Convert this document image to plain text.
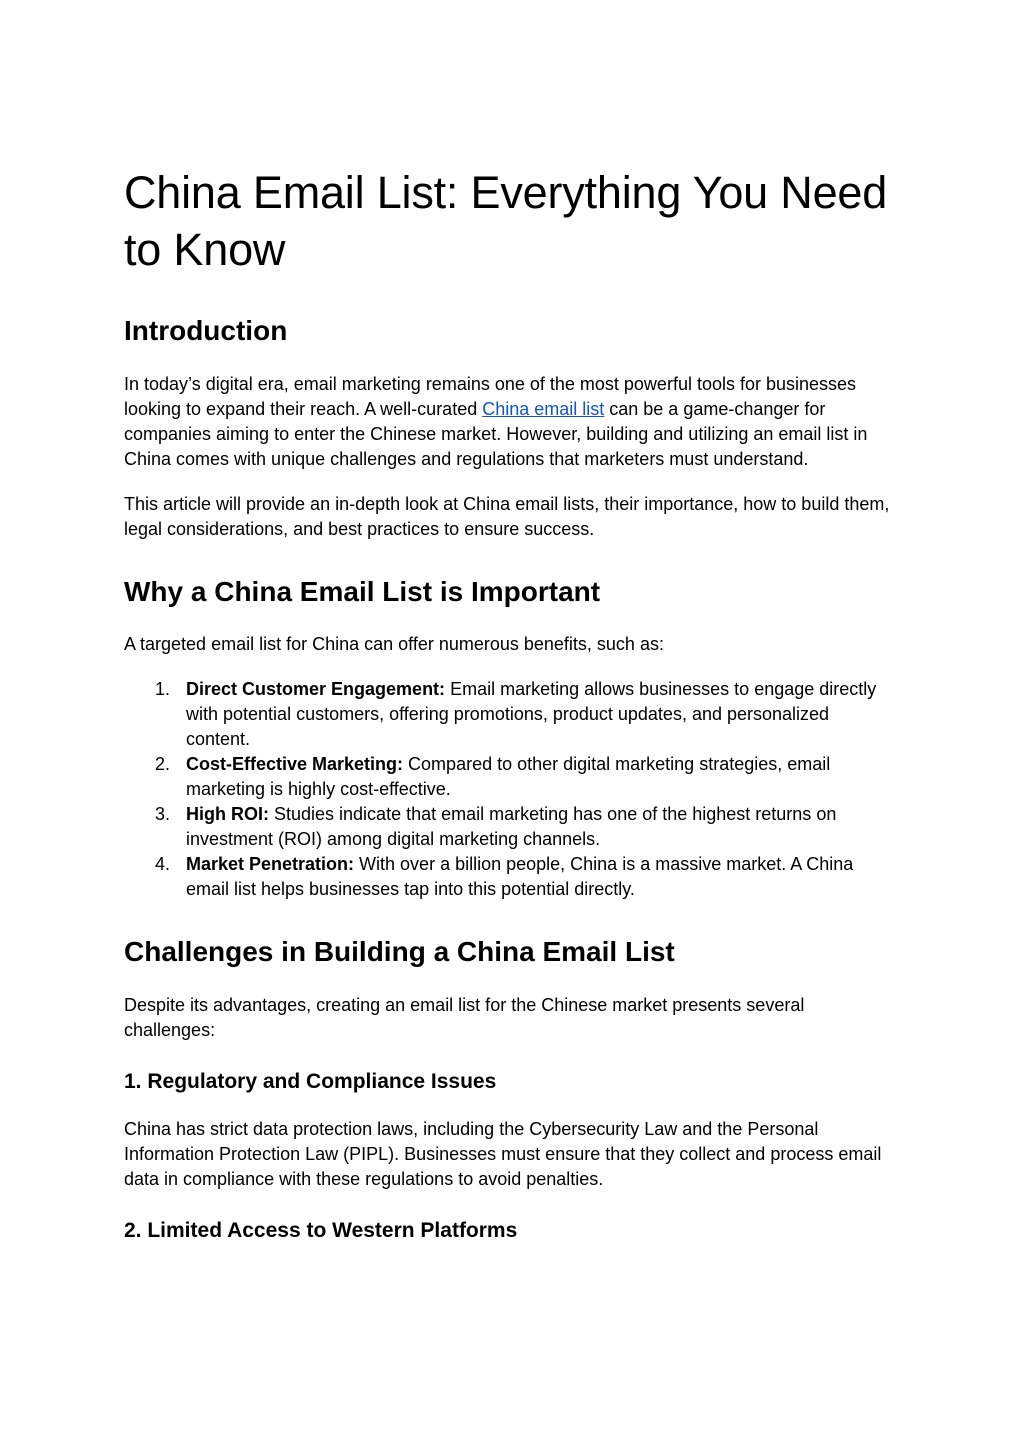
China Email List: Everything You Need to Know
Introduction

In today’s digital era, email marketing remains one of the most powerful tools for businesses looking to expand their reach. A well-curated China email list can be a game-changer for companies aiming to enter the Chinese market. However, building and utilizing an email list in China comes with unique challenges and regulations that marketers must understand.

This article will provide an in-depth look at China email lists, their importance, how to build them, legal considerations, and best practices to ensure success.

Why a China Email List is Important

A targeted email list for China can offer numerous benefits, such as:

1. Direct Customer Engagement: Email marketing allows businesses to engage directly with potential customers, offering promotions, product updates, and personalized content.
2. Cost-Effective Marketing: Compared to other digital marketing strategies, email marketing is highly cost-effective.
3. High ROI: Studies indicate that email marketing has one of the highest returns on investment (ROI) among digital marketing channels.
4. Market Penetration: With over a billion people, China is a massive market. A China email list helps businesses tap into this potential directly.
Challenges in Building a China Email List

Despite its advantages, creating an email list for the Chinese market presents several challenges:

1. Regulatory and Compliance Issues

China has strict data protection laws, including the Cybersecurity Law and the Personal Information Protection Law (PIPL). Businesses must ensure that they collect and process email data in compliance with these regulations to avoid penalties.

2. Limited Access to Western Platforms
